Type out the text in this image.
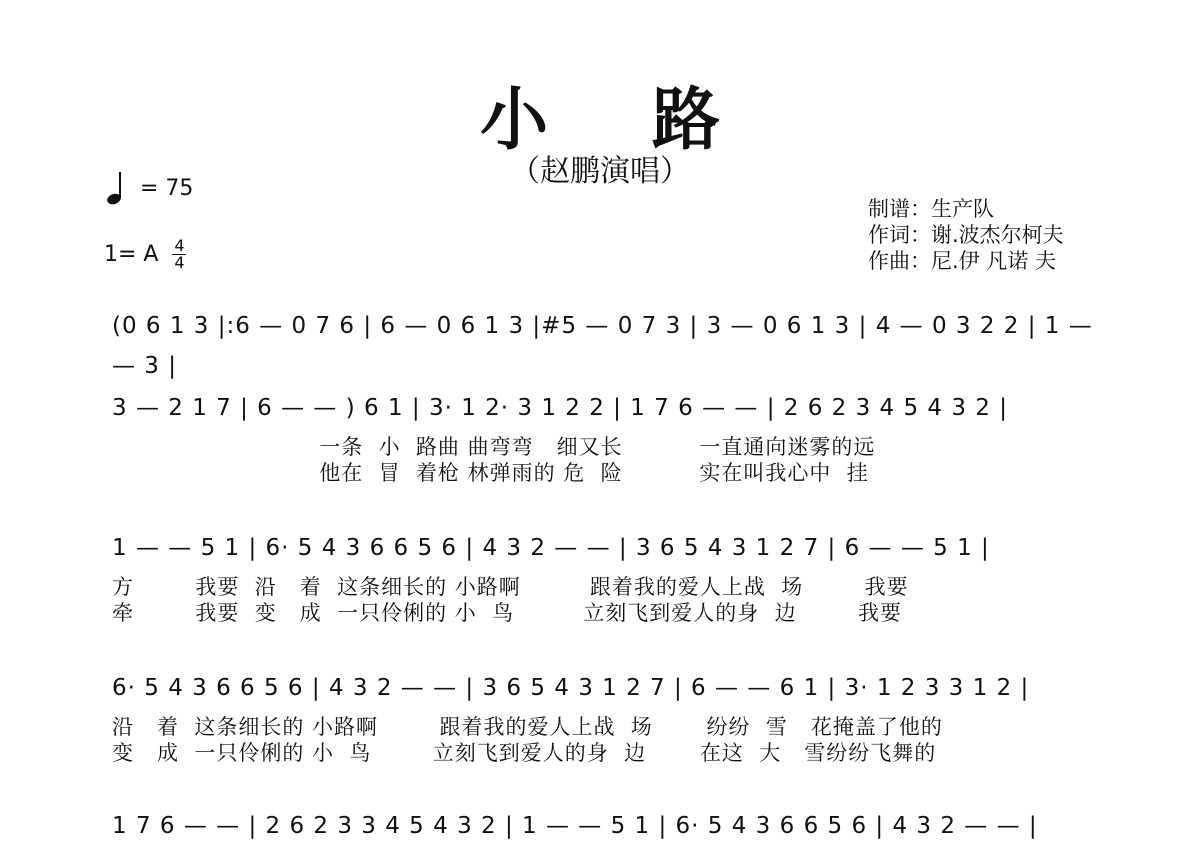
小 路
（赵鹏演唱）
= 75
1= A 4
4
制谱：生产队
作词：谢.波杰尔柯夫
作曲：尼.伊 凡诺 夫
(0 6 1 3 |:6 — 0 7 6 | 6 — 0 6 1 3 |#5 — 0 7 3 | 3 — 0 6 1 3 | 4 — 0 3 2 2 | 1 — — 3 |
3 — 2 1 7 | 6 — — ) 6 1 | 3· 1 2· 3 1 2 2 | 1 7 6 — — | 2 6 2 3 4 5 4 3 2 |
一条  小  路曲 曲弯弯   细又长          一直通向迷雾的远
他在  冒  着枪 林弹雨的 危  险          实在叫我心中  挂
1 — — 5 1 | 6· 5 4 3 6 6 5 6 | 4 3 2 — — | 3 6 5 4 3 1 2 7 | 6 — — 5 1 |
方        我要  沿   着  这条细长的 小路啊         跟着我的爱人上战  场        我要
牵        我要  变   成  一只伶俐的 小  鸟         立刻飞到爱人的身  边        我要
6· 5 4 3 6 6 5 6 | 4 3 2 — — | 3 6 5 4 3 1 2 7 | 6 — — 6 1 | 3· 1 2 3 3 1 2 |
沿   着  这条细长的 小路啊        跟着我的爱人上战  场       纷纷  雪   花掩盖了他的
变   成  一只伶俐的 小  鸟        立刻飞到爱人的身  边       在这  大   雪纷纷飞舞的
1 7 6 — — | 2 6 2 3 3 4 5 4 3 2 | 1 — — 5 1 | 6· 5 4 3 6 6 5 6 | 4 3 2 — — |
